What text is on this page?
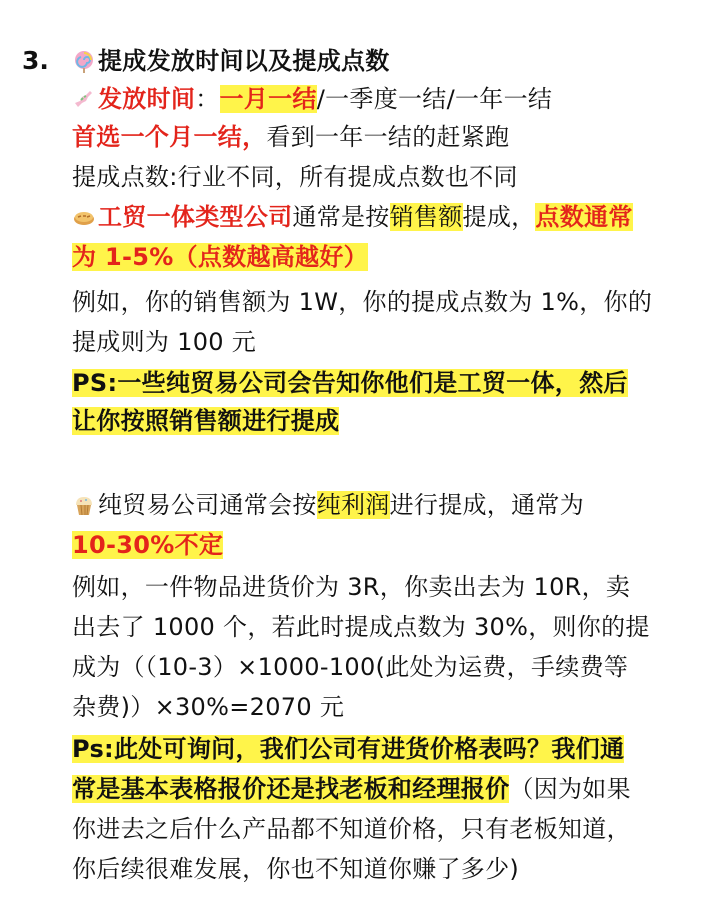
3.	提成发放时间以及提成点数
发放时间：一月一结/一季度一结/一年一结
首选一个月一结，看到一年一结的赶紧跑
提成点数:行业不同，所有提成点数也不同
工贸一体类型公司通常是按销售额提成，点数通常
为 1-5%（点数越高越好）
例如，你的销售额为 1W，你的提成点数为 1%，你的
提成则为 100 元
PS:一些纯贸易公司会告知你他们是工贸一体，然后
让你按照销售额进行提成
纯贸易公司通常会按纯利润进行提成，通常为
10-30%不定
例如，一件物品进货价为 3R，你卖出去为 10R，卖
出去了 1000 个，若此时提成点数为 30%，则你的提
成为（（10-3）×1000-100(此处为运费，手续费等
杂费)）×30%=2070 元
Ps:此处可询问，我们公司有进货价格表吗？我们通
常是基本表格报价还是找老板和经理报价（因为如果
你进去之后什么产品都不知道价格，只有老板知道，
你后续很难发展，你也不知道你赚了多少)
